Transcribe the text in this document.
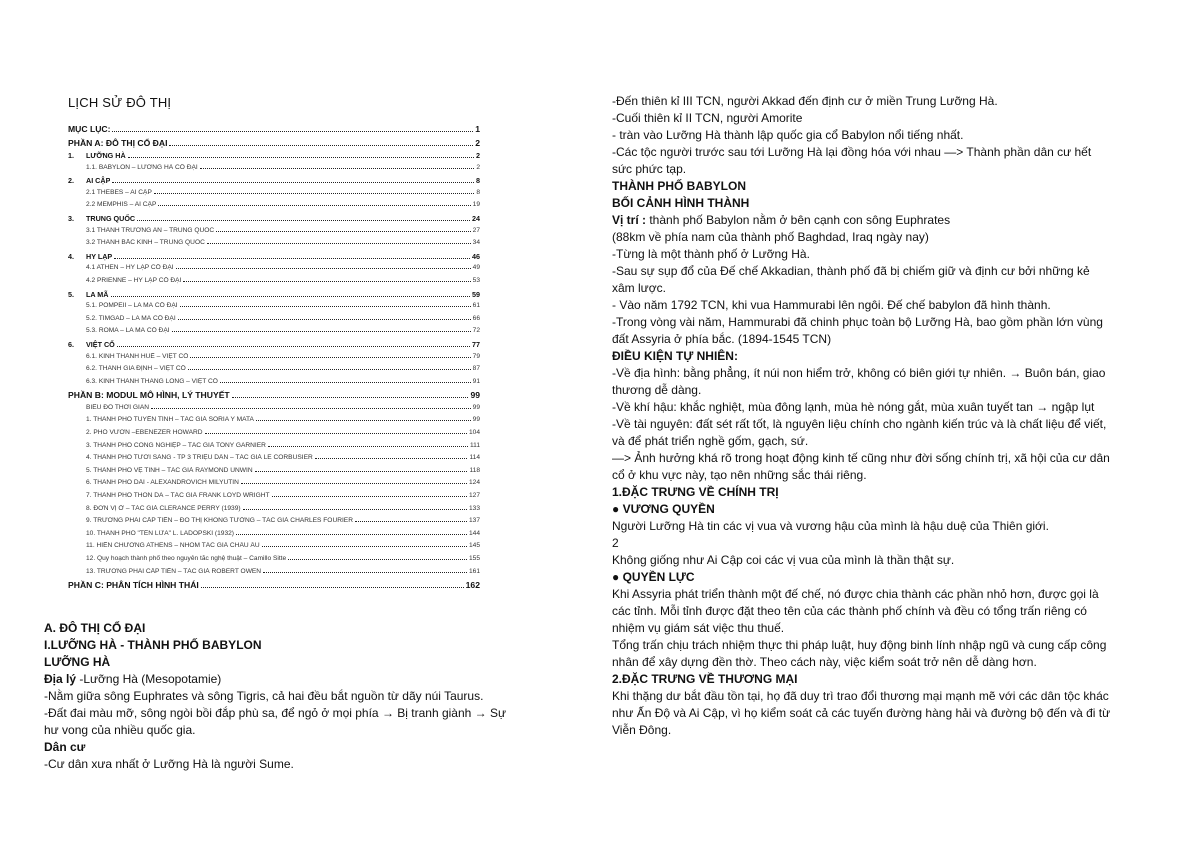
LỊCH SỬ ĐÔ THỊ
MỤC LỤC:	1
PHẦN A: ĐÔ THỊ CỔ ĐẠI	2
1. LƯỠNG HÀ	2
1.1. BABYLON – LƯỠNG HÀ CỔ ĐẠI	2
2. AI CẬP	8
2.1 THEBES – AI CẬP	8
2.2 MEMPHIS – AI CẬP	19
3. TRUNG QUỐC	24
3.1 THÀNH TRƯỜNG AN – TRUNG QUỐC	27
3.2 THÀNH BẮC KINH – TRUNG QUỐC	34
4. HY LẠP	46
4.1 ATHEN – HY LẠP CỔ ĐẠI	49
4.2 PRIENNE – HY LẠP CỔ ĐẠI	53
5. LA MÃ	59
5.1. POMPEII – LA MÃ CỔ ĐẠI	61
5.2. TIMGAD – LA MÃ CỔ ĐẠI	66
5.3. ROMA – LA MÃ CỔ ĐẠI	72
6. VIỆT CỔ	77
6.1. KINH THÀNH HUẾ – VIỆT CỔ	79
6.2. THÀNH GIA ĐỊNH – VIỆT CỔ	87
6.3. KINH THÀNH THĂNG LONG – VIỆT CỔ	91
PHẦN B: MODUL MÔ HÌNH, LÝ THUYẾT	99
BIỂU ĐỒ THỜI GIAN	99
1. THÀNH PHỐ TUYẾN TÍNH – TÁC GIẢ SORIA Y MATA	99
2. PHỐ VƯỜN –EBENEZER HOWARD	104
3. THÀNH PHỐ CÔNG NGHIỆP – TÁC GIẢ TONY GARNIER	111
4. THÀNH PHỐ TƯƠI SÁNG - TP 3 TRIỆU DÂN – TÁC GIẢ LE CORBUSIER	114
5. THÀNH PHỐ VỆ TINH – TÁC GIẢ RAYMOND UNWIN	118
6. THÀNH PHỐ DẢI - ALEXANDROVICH MILYUTIN	124
7. THÀNH PHỐ THÔN DÃ – TÁC GIẢ FRANK LOYD WRIGHT	127
8. ĐƠN VỊ Ở – TÁC GIẢ CLERANCE PERRY (1939)	133
9. TRƯỜNG PHÁI CẤP TIẾN – ĐÔ THỊ KHÔNG TƯỞNG – TÁC GIẢ CHARLES FOURIER	137
10. THÀNH PHỐ "TÊN LỬA" L. LADOPSKI (1932)	144
11. HIẾN CHƯƠNG ATHENS – NHÓM TÁC GIẢ CHÂU ÂU	145
12. Quy hoạch thành phố theo nguyên tắc nghệ thuật – Camillo Sitte	155
13. TRƯỜNG PHÁI CẤP TIẾN – TÁC GIẢ ROBERT OWEN	161
PHẦN C: PHÂN TÍCH HÌNH THÁI	162

A. ĐÔ THỊ CỔ ĐẠI

I.LƯỠNG HÀ - THÀNH PHỐ BABYLON

LƯỠNG HÀ

Địa lý -Lưỡng Hà (Mesopotamie)

-Nằm giữa sông Euphrates và sông Tigris, cả hai đều bắt nguồn từ dãy núi Taurus.

-Đất đai màu mỡ, sông ngòi bồi đắp phù sa, để ngỏ ở mọi phía → Bị tranh giành → Sự hư vong của nhiều quốc gia.

Dân cư

-Cư dân xưa nhất ở Lưỡng Hà là người Sume.

-Đến thiên kỉ III TCN, người Akkad đến định cư ở miền Trung Lưỡng Hà.

-Cuối thiên kỉ II TCN, người Amorite

- tràn vào Lưỡng Hà thành lập quốc gia cổ Babylon nổi tiếng nhất.

-Các tộc người trước sau tới Lưỡng Hà lại đồng hóa với nhau —> Thành phần dân cư hết sức phức tạp.

THÀNH PHỐ BABYLON

BỐI CẢNH HÌNH THÀNH

Vị trí : thành phố Babylon nằm ở bên cạnh con sông Euphrates

(88km về phía nam của thành phố Baghdad, Iraq ngày nay)

-Từng là một thành phố ở Lưỡng Hà.

-Sau sự sụp đổ của Đế chế Akkadian, thành phố đã bị chiếm giữ và định cư bởi những kẻ xâm lược.

- Vào năm 1792 TCN, khi vua Hammurabi lên ngôi. Đế chế babylon đã hình thành.

-Trong vòng vài năm, Hammurabi đã chinh phục toàn bộ Lưỡng Hà, bao gồm phần lớn vùng đất Assyria ở phía bắc. (1894-1545 TCN)

ĐIỀU KIỆN TỰ NHIÊN:

-Về địa hình: bằng phẳng, ít núi non hiểm trở, không có biên giới tự nhiên. → Buôn bán, giao thương dễ dàng.

-Về khí hậu: khắc nghiệt, mùa đông lạnh, mùa hè nóng gắt, mùa xuân tuyết tan → ngập lụt

-Về tài nguyên: đất sét rất tốt, là nguyên liệu chính cho ngành kiến trúc và là chất liệu để viết, và để phát triển nghề gốm, gạch, sứ.

—> Ảnh hưởng khá rõ trong hoạt động kinh tế cũng như đời sống chính trị, xã hội của cư dân cổ ở khu vực này, tạo nên những sắc thái riêng.

1.ĐẶC TRƯNG VỀ CHÍNH TRỊ

● VƯƠNG QUYỀN

Người Lưỡng Hà tin các vị vua và vương hậu của mình là hậu duệ của Thiên giới.

2

Không giống như Ai Cập coi các vị vua của mình là thần thật sự.

● QUYỀN LỰC

Khi Assyria phát triển thành một đế chế, nó được chia thành các phần nhỏ hơn, được gọi là các tỉnh. Mỗi tỉnh được đặt theo tên của các thành phố chính và đều có tổng trấn riêng có nhiệm vụ giám sát việc thu thuế.

Tổng trấn chịu trách nhiệm thực thi pháp luật, huy động binh lính nhập ngũ và cung cấp công nhân để xây dựng đền thờ. Theo cách này, việc kiểm soát trở nên dễ dàng hơn.

2.ĐẶC TRƯNG VỀ THƯƠNG MẠI

Khi thặng dư bắt đầu tồn tại, họ đã duy trì trao đổi thương mại mạnh mẽ với các dân tộc khác như Ấn Độ và Ai Cập, vì họ kiểm soát cả các tuyến đường hàng hải và đường bộ đến và đi từ Viễn Đông.
